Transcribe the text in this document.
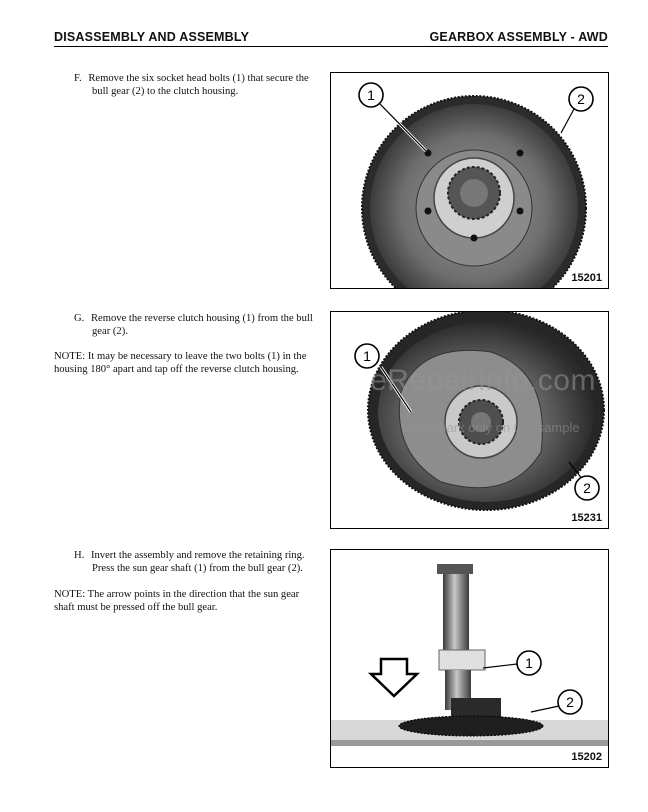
DISASSEMBLY AND ASSEMBLY	GEARBOX ASSEMBLY - AWD
F. Remove the six socket head bolts (1) that secure the
bull gear (2) to the clutch housing.	1	2
15201
G. Remove the reverse clutch housing (1) from the bull
gear (2).
NOTE: It may be necessary to leave the two bolts (1) in the
housing 180° apart and tap off the reverse clutch housing.
1
2
15231
eRepairinfo.com
watermark only on this sample
H. Invert the assembly and remove the retaining ring.
Press the sun gear shaft (1) from the bull gear (2).
NOTE: The arrow points in the direction that the sun gear
shaft must be pressed off the bull gear.
1
2
15202
